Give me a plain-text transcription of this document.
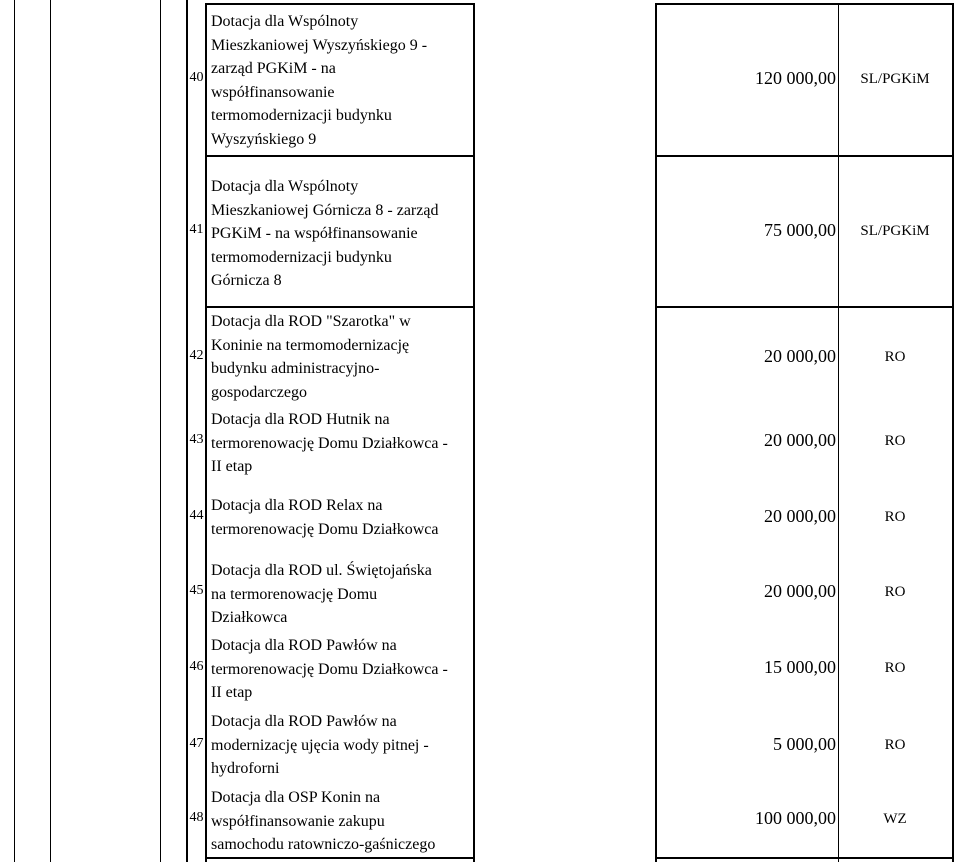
40
Dotacja dla Wspólnoty
Mieszkaniowej Wyszyńskiego 9 -
zarząd PGKiM - na
współfinansowanie
termomodernizacji budynku
Wyszyńskiego 9
120 000,00	SL/PGKiM
41
Dotacja dla Wspólnoty
Mieszkaniowej Górnicza 8 - zarząd
PGKiM - na współfinansowanie
termomodernizacji budynku
Górnicza 8
75 000,00	SL/PGKiM
42
Dotacja dla ROD "Szarotka" w
Koninie na termomodernizację
budynku administracyjno-
gospodarczego
20 000,00	RO
43
Dotacja dla ROD Hutnik na
termorenowację Domu Działkowca -
II etap
20 000,00	RO
44
Dotacja dla ROD Relax na
termorenowację Domu Działkowca
20 000,00	RO
45
Dotacja dla ROD ul. Świętojańska
na termorenowację Domu
Działkowca
20 000,00	RO
46
Dotacja dla ROD Pawłów na
termorenowację Domu Działkowca -
II etap
15 000,00	RO
47
Dotacja dla ROD Pawłów na
modernizację ujęcia wody pitnej -
hydroforni
5 000,00	RO
48
Dotacja dla OSP Konin na
współfinansowanie zakupu
samochodu ratowniczo-gaśniczego
100 000,00	WZ
